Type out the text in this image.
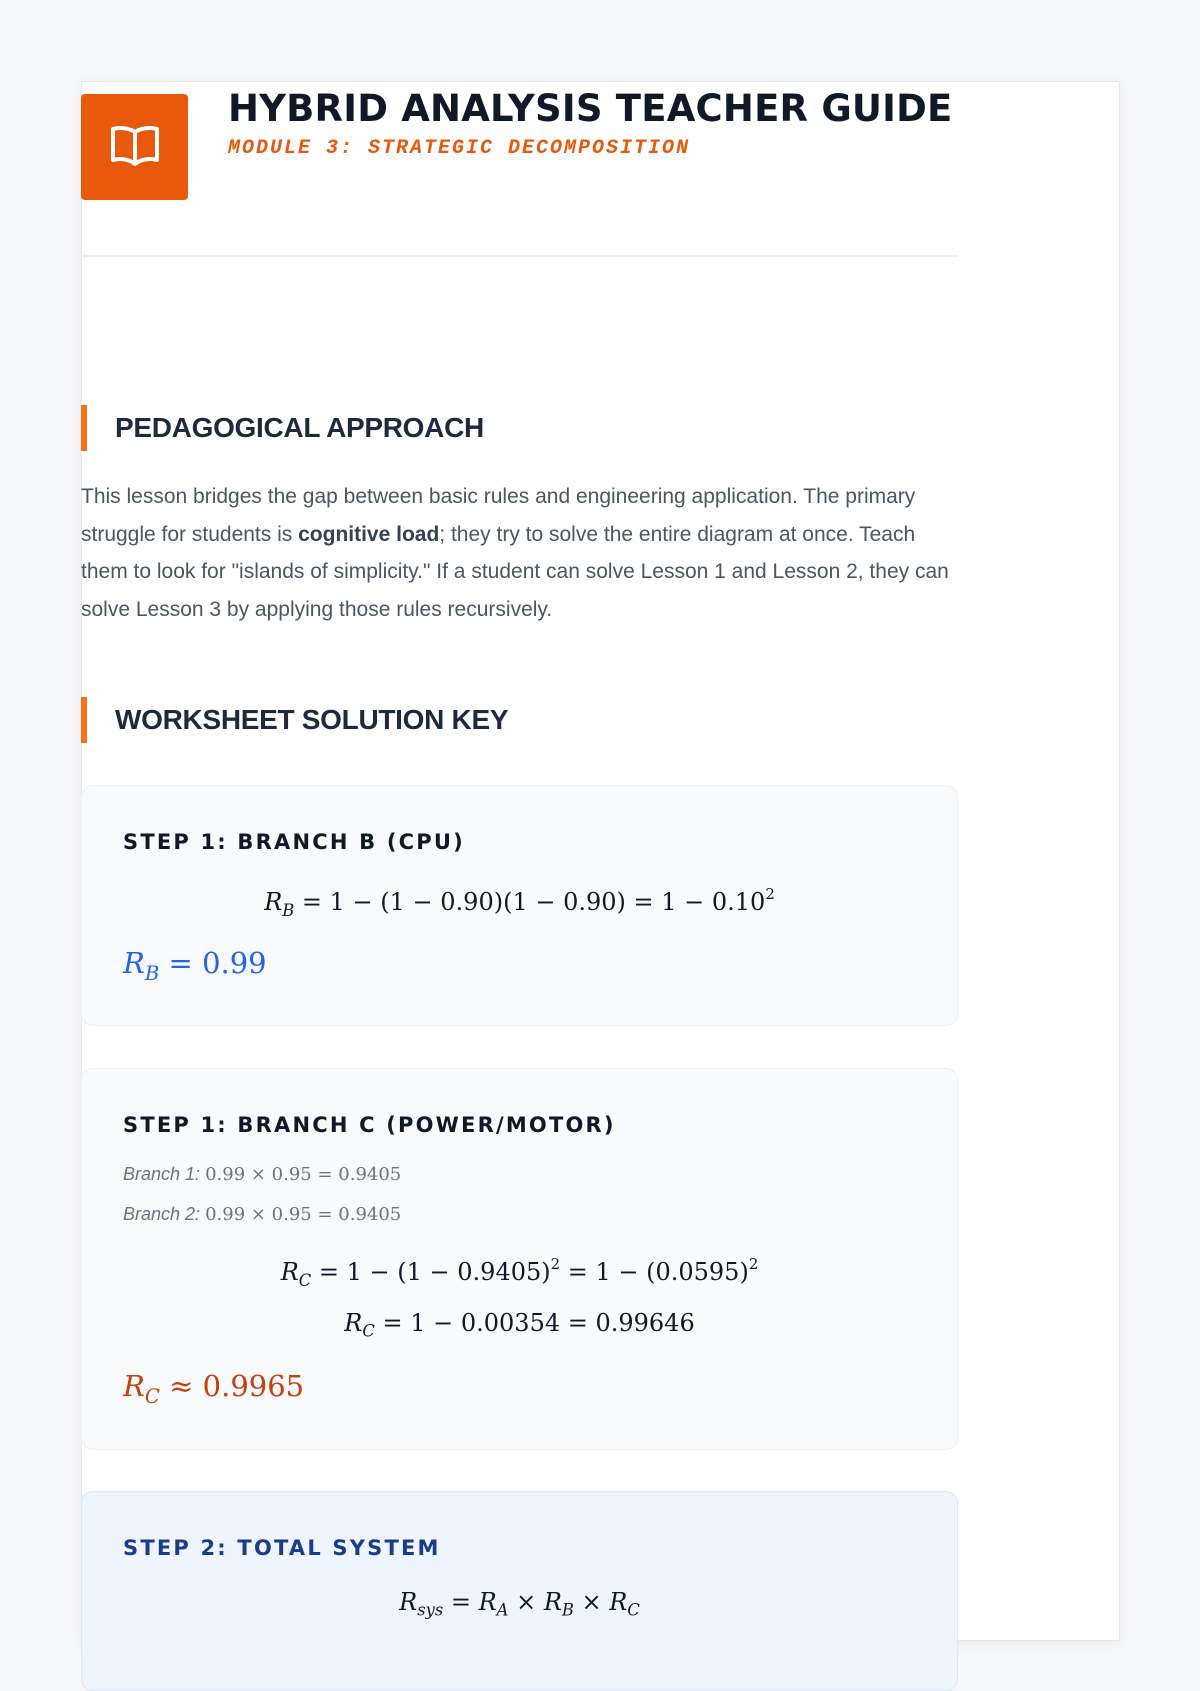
HYBRID ANALYSIS TEACHER GUIDE
MODULE 3: STRATEGIC DECOMPOSITION
PEDAGOGICAL APPROACH

This lesson bridges the gap between basic rules and engineering application. The primary struggle for students is cognitive load; they try to solve the entire diagram at once. Teach them to look for "islands of simplicity." If a student can solve Lesson 1 and Lesson 2, they can solve Lesson 3 by applying those rules recursively.

WORKSHEET SOLUTION KEY
STEP 1: BRANCH B (CPU)
$R_B = 1 - (1 - 0.90)(1 - 0.90) = 1 - 0.10^2$
$R_B = 0.99$
STEP 1: BRANCH C (POWER/MOTOR)
Branch 1: 0.99 × 0.95 = 0.9405
Branch 2: 0.99 × 0.95 = 0.9405
$R_C = 1 - (1 - 0.9405)^2 = 1 - (0.0595)^2$
$R_C = 1 - 0.00354 = 0.99646$
$R_C \approx 0.9965$
STEP 2: TOTAL SYSTEM
$R_{sys} = R_A \times R_B \times R_C$
